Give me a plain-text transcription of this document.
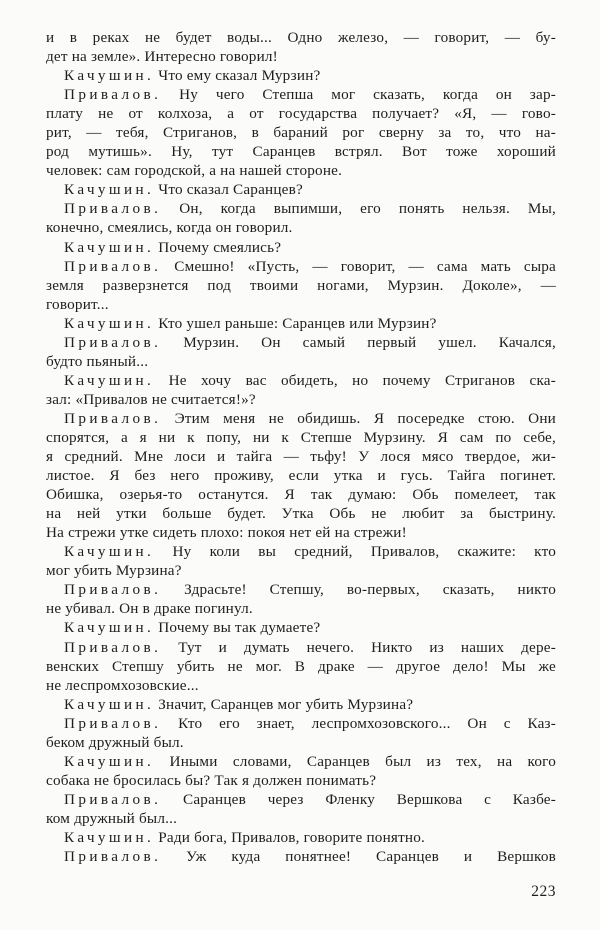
и в реках не будет воды... Одно железо, — говорит, — бу-
дет на земле». Интересно говорил!
Качушин. Что ему сказал Мурзин?
Привалов. Ну чего Степша мог сказать, когда он зар-
плату не от колхоза, а от государства получает? «Я, — гово-
рит, — тебя, Стриганов, в бараний рог сверну за то, что на-
род мутишь». Ну, тут Саранцев встрял. Вот тоже хороший
человек: сам городской, а на нашей стороне.
Качушин. Что сказал Саранцев?
Привалов. Он, когда выпимши, его понять нельзя. Мы,
конечно, смеялись, когда он говорил.
Качушин. Почему смеялись?
Привалов. Смешно! «Пусть, — говорит, — сама мать сыра
земля разверзнется под твоими ногами, Мурзин. Доколе», —
говорит...
Качушин. Кто ушел раньше: Саранцев или Мурзин?
Привалов. Мурзин. Он самый первый ушел. Качался,
будто пьяный...
Качушин. Не хочу вас обидеть, но почему Стриганов ска-
зал: «Привалов не считается!»?
Привалов. Этим меня не обидишь. Я посередке стою. Они
спорятся, а я ни к попу, ни к Степше Мурзину. Я сам по себе,
я средний. Мне лоси и тайга — тьфу! У лося мясо твердое, жи-
листое. Я без него проживу, если утка и гусь. Тайга погинет.
Обишка, озерья-то останутся. Я так думаю: Обь помелеет, так
на ней утки больше будет. Утка Обь не любит за быстрину.
На стрежи утке сидеть плохо: покоя нет ей на стрежи!
Качушин. Ну коли вы средний, Привалов, скажите: кто
мог убить Мурзина?
Привалов. Здрасьте! Степшу, во-первых, сказать, никто
не убивал. Он в драке погинул.
Качушин. Почему вы так думаете?
Привалов. Тут и думать нечего. Никто из наших дере-
венских Степшу убить не мог. В драке — другое дело! Мы же
не леспромхозовские...
Качушин. Значит, Саранцев мог убить Мурзина?
Привалов. Кто его знает, леспромхозовского... Он с Каз-
беком дружный был.
Качушин. Иными словами, Саранцев был из тех, на кого
собака не бросилась бы? Так я должен понимать?
Привалов. Саранцев через Фленку Вершкова с Казбе-
ком дружный был...
Качушин. Ради бога, Привалов, говорите понятно.
Привалов. Уж куда понятнее! Саранцев и Вершков
223
